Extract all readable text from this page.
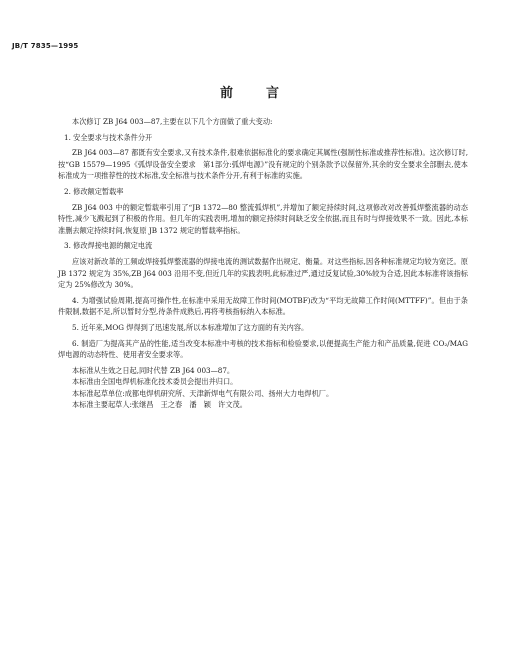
JB/T 7835—1995
前　言

本次修订 ZB J64 003—87,主要在以下几个方面做了重大变动:

1. 安全要求与技术条件分开

ZB J64 003—87 都既有安全要求,又有技术条件,很难依据标准化的要求确定其属性(强制性标准或推荐性标准)。这次修订时,按“GB 15579—1995《弧焊设备安全要求　第1部分:弧焊电源》”没有规定的个别条款予以保留外,其余的安全要求全部删去,使本标准成为一项推荐性的技术标准,安全标准与技术条件分开,有利于标准的实施。

2. 修改额定暂载率

ZB J64 003 中的额定暂载率引用了“JB 1372—80 整流弧焊机”,并增加了额定持续时间,这项修改对改善弧焊整流器的动态特性,减少飞溅起到了积极的作用。但几年的实践表明,增加的额定持续时间缺乏安全依据,而且有时与焊接效果不一致。因此,本标准删去额定持续时间,恢复原 JB 1372 规定的暂载率指标。

3. 修改焊接电源的额定电流

应该对新改革的工频或焊接弧焊整流器的焊接电流的测试数据作出规定、衡量。对这些指标,因各种标准规定均较为宽泛。原 JB 1372 规定为 35%,ZB J64 003 沿用不变,但近几年的实践表明,此标准过严,通过反复试验,30%较为合适,因此本标准将该指标定为 25%修改为 30%。

4. 为增强试验周期,提高可操作性,在标准中采用无故障工作时间(MOTBF)改为“平均无故障工作时间(MTTFF)”。但由于条件限制,数据不足,所以暂时分型,待条件成熟后,再将考核指标纳入本标准。

5. 近年来,MOG 焊得到了迅速发展,所以本标准增加了这方面的有关内容。

6. 制造厂为提高其产品的性能,适当改变本标准中考核的技术指标和检验要求,以便提高生产能力和产品质量,促进 CO₂/MAG 焊电源的动态特性、使用者安全要求等。

本标准从生效之日起,同时代替 ZB J64 003—87。

本标准由全国电焊机标准化技术委员会提出并归口。

本标准起草单位:成都电焊机研究所、天津新焊电气有限公司、扬州大力电焊机厂。

本标准主要起草人:张继昌　王之春　潘　颖　许文茂。
